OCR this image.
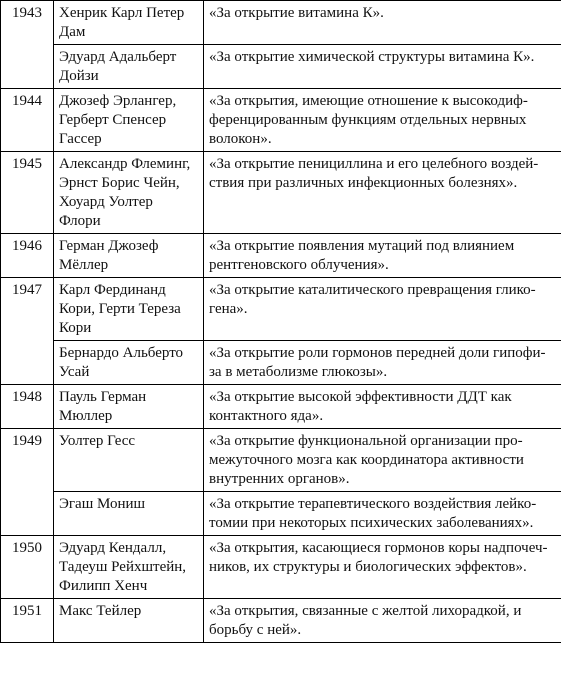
1943	Хенрик Карл Петер
Дам	«За открытие витамина К».

	Эдуард Адальберт
Дойзи	«За открытие химической структуры витамина К».

1944	Джозеф Эрлангер,
Герберт Спенсер
Гассер	«За открытия, имеющие отношение к высокодиф-
ференцированным функциям отдельных нервных
волокон».

1945	Александр Флеминг,
Эрнст Борис Чейн,
Хоуард Уолтер Флори	«За открытие пенициллина и его целебного воздей-
ствия при различных инфекционных болезнях».

1946	Герман Джозеф
Мёллер	«За открытие появления мутаций под влиянием
рентгеновского облучения».

1947	Карл Фердинанд
Кори, Герти Тереза
Кори	«За открытие каталитического превращения глико-
гена».

	Бернардо Альберто
Усай	«За открытие роли гормонов передней доли гипофи-
за в метаболизме глюкозы».

1948	Пауль Герман
Мюллер	«За открытие высокой эффективности ДДТ как
контактного яда».

1949	Уолтер Гесс	«За открытие функциональной организации про-
межуточного мозга как координатора активности
внутренних органов».

	Эгаш Мониш	«За открытие терапевтического воздействия лейко-
томии при некоторых психических заболеваниях».

1950	Эдуард Кендалл,
Тадеуш Рейхштейн,
Филипп Хенч	«За открытия, касающиеся гормонов коры надпочеч-
ников, их структуры и биологических эффектов».

1951	Макс Тейлер	«За открытия, связанные с желтой лихорадкой, и
борьбу с ней».
